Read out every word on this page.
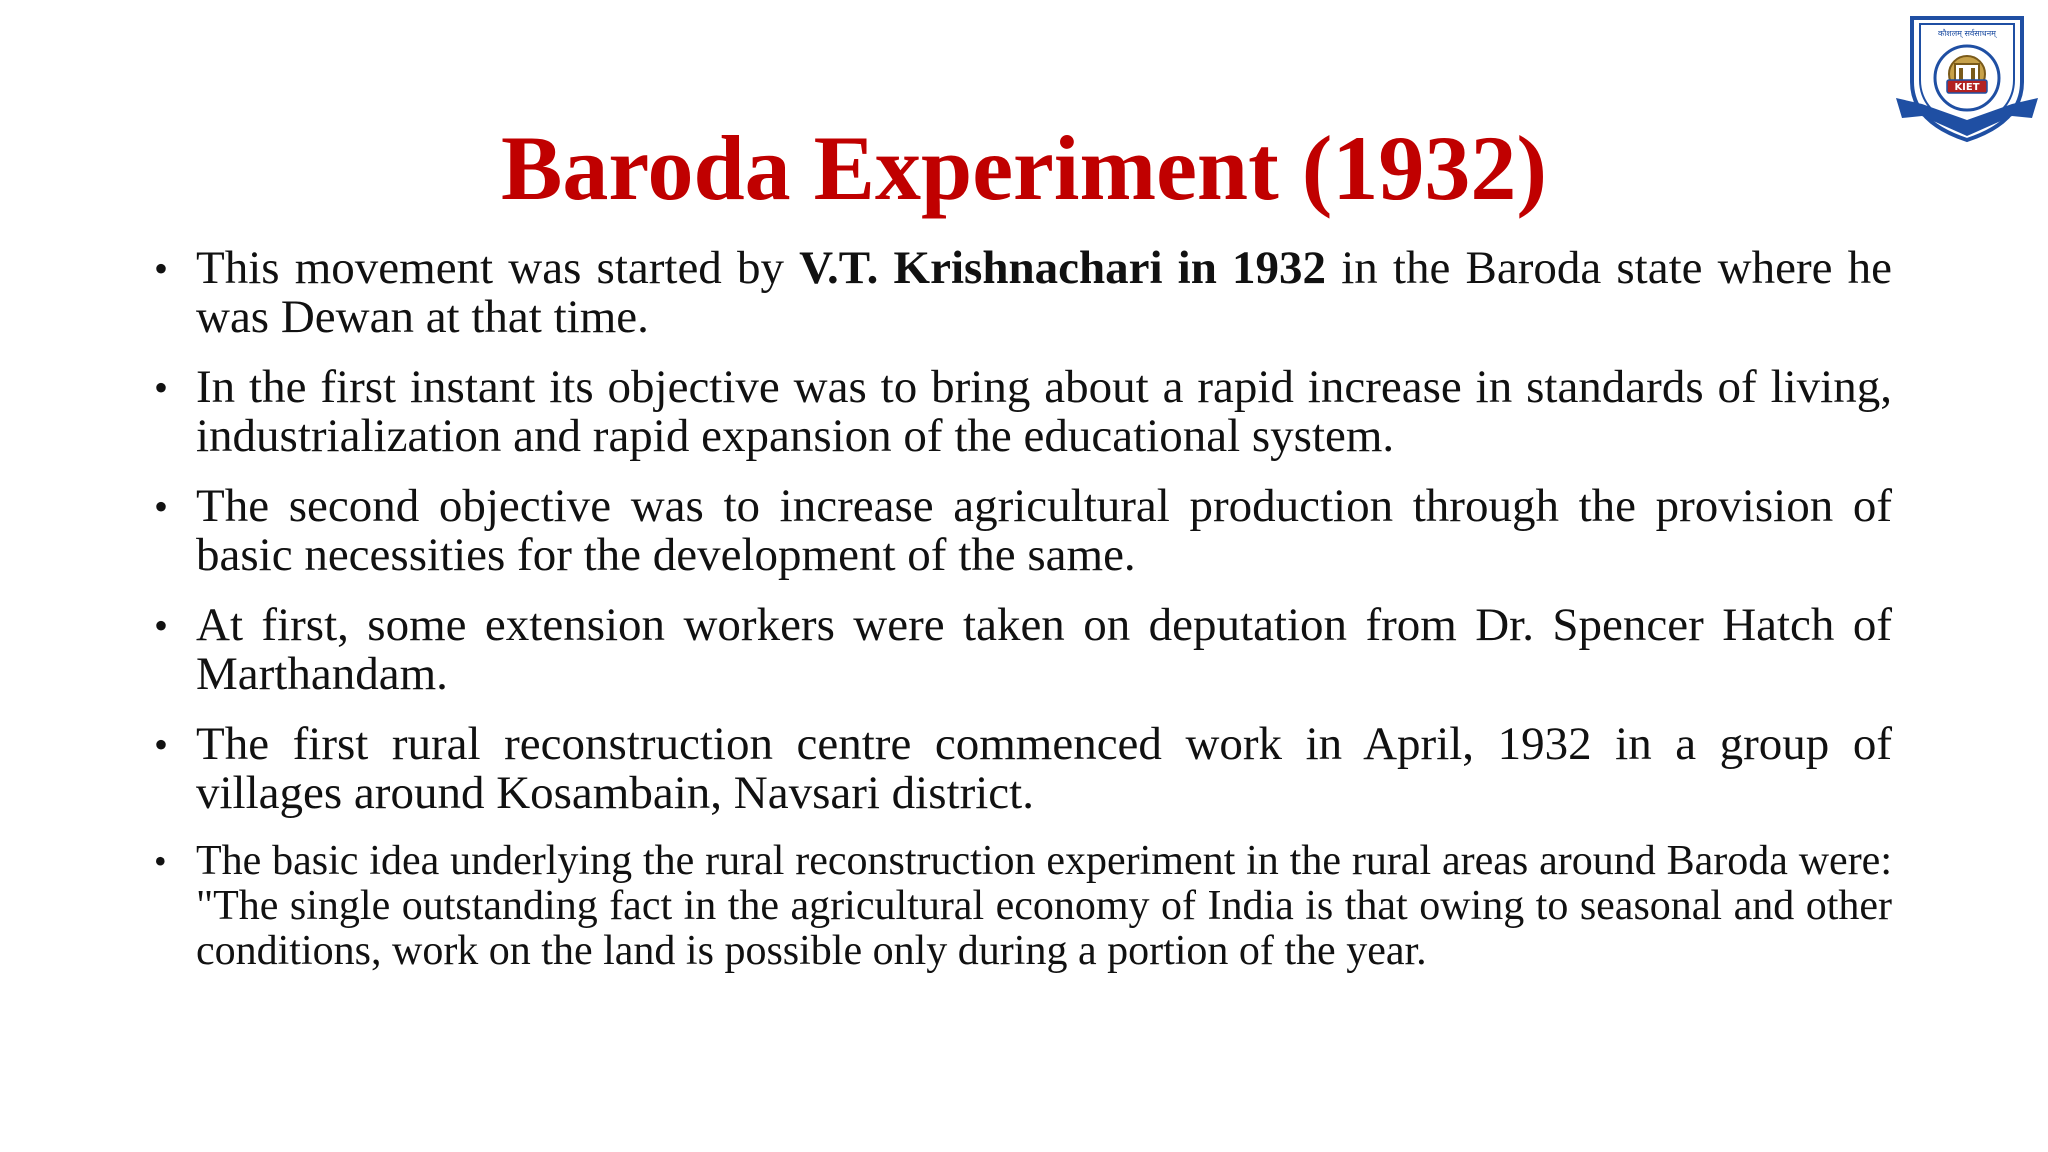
कौशलम् सर्वसाधनम्
KIET
Baroda Experiment (1932)
• This movement was started by V.T. Krishnachari in 1932 in the Baroda state where he was Dewan at that time.
• In the first instant its objective was to bring about a rapid increase in standards of living, industrialization and rapid expansion of the educational system.
• The second objective was to increase agricultural production through the provision of basic necessities for the development of the same.
• At first, some extension workers were taken on deputation from Dr. Spencer Hatch of Marthandam.
• The first rural reconstruction centre commenced work in April, 1932 in a group of villages around Kosambain, Navsari district.
• The basic idea underlying the rural reconstruction experiment in the rural areas around Baroda were: "The single outstanding fact in the agricultural economy of India is that owing to seasonal and other conditions, work on the land is possible only during a portion of the year.
